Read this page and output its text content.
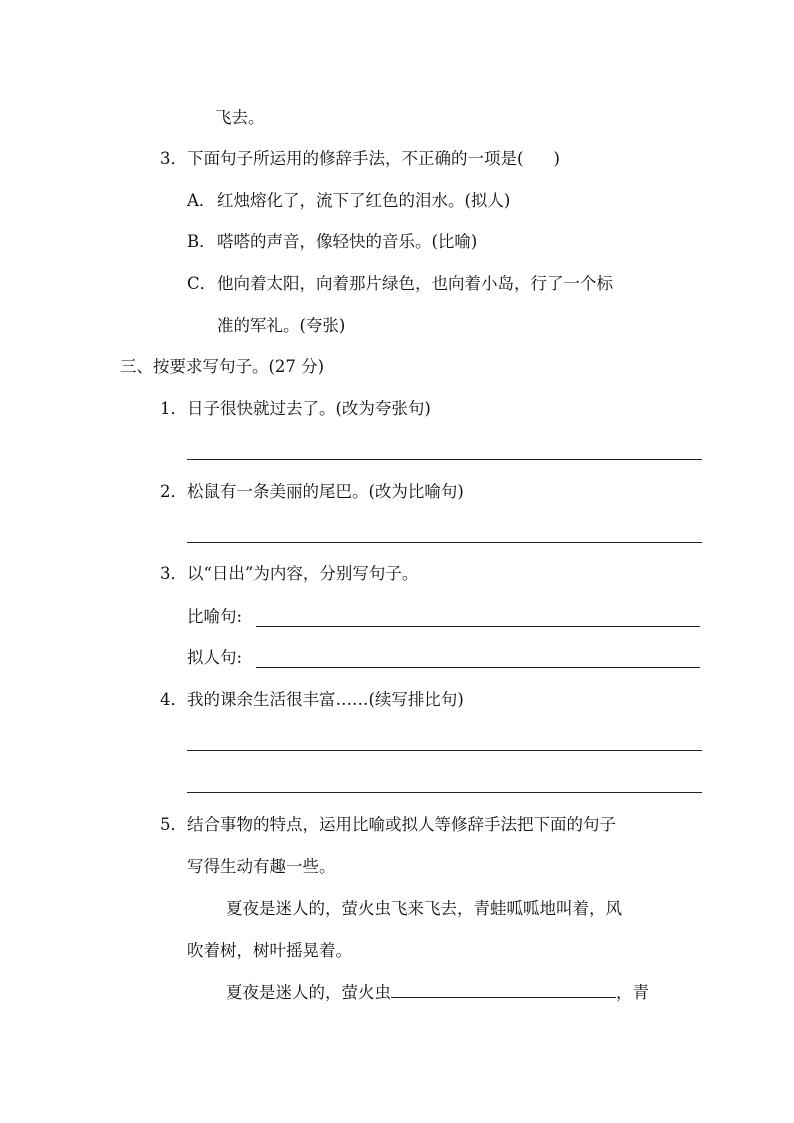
飞去。
3． 下面句子所运用的修辞手法，不正确的一项是( )
A． 红烛熔化了，流下了红色的泪水。(拟人)
B． 嗒嗒的声音，像轻快的音乐。(比喻)
C． 他向着太阳，向着那片绿色，也向着小岛，行了一个标
准的军礼。(夸张)
三、按要求写句子。(27 分)
1． 日子很快就过去了。(改为夸张句)
2． 松鼠有一条美丽的尾巴。(改为比喻句)
3． 以“日出”为内容，分别写句子。
比喻句:
拟人句:
4． 我的课余生活很丰富……(续写排比句)
5． 结合事物的特点，运用比喻或拟人等修辞手法把下面的句子
写得生动有趣一些。
夏夜是迷人的，萤火虫飞来飞去，青蛙呱呱地叫着，风
吹着树，树叶摇晃着。
夏夜是迷人的，萤火虫	，青
